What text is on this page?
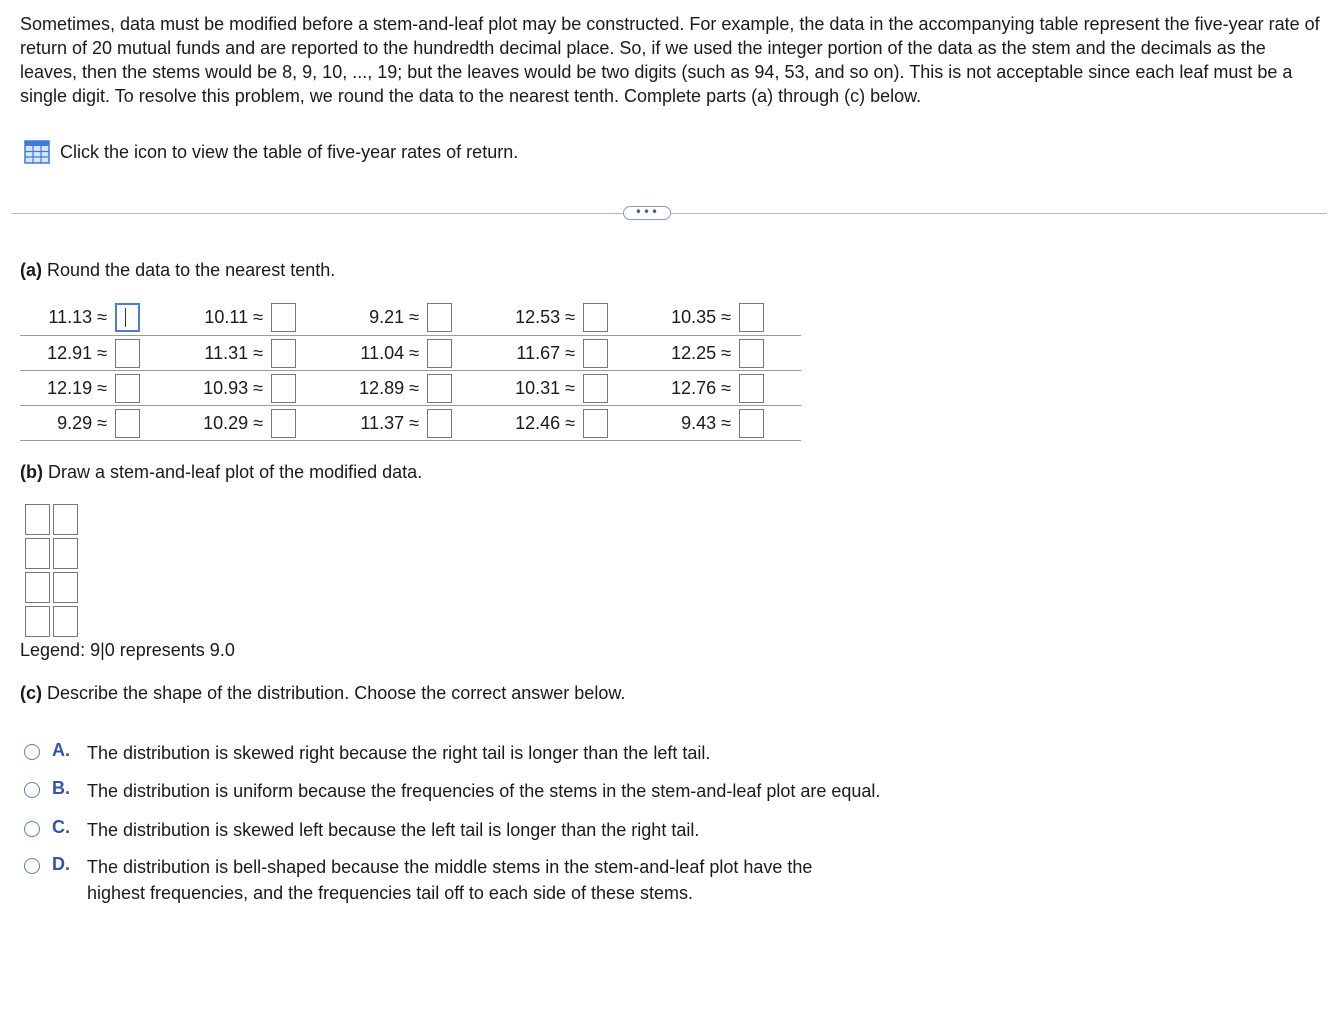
Sometimes, data must be modified before a stem-and-leaf plot may be constructed. For example, the data in the accompanying table represent the five-year rate of return of 20 mutual funds and are reported to the hundredth decimal place. So, if we used the integer portion of the data as the stem and the decimals as the leaves, then the stems would be 8, 9, 10, ..., 19; but the leaves would be two digits (such as 94, 53, and so on). This is not acceptable since each leaf must be a single digit. To resolve this problem, we round the data to the nearest tenth. Complete parts (a) through (c) below.

Click the icon to view the table of five-year rates of return.
•••

(a) Round the data to the nearest tenth.

11.13 ≈	10.11 ≈	9.21 ≈	12.53 ≈	10.35 ≈
12.91 ≈	11.31 ≈	11.04 ≈	11.67 ≈	12.25 ≈
12.19 ≈	10.93 ≈	12.89 ≈	10.31 ≈	12.76 ≈
9.29 ≈	10.29 ≈	11.37 ≈	12.46 ≈	9.43 ≈

(b) Draw a stem-and-leaf plot of the modified data.

Legend: 9|0 represents 9.0

(c) Describe the shape of the distribution. Choose the correct answer below.

A. The distribution is skewed right because the right tail is longer than the left tail.
B. The distribution is uniform because the frequencies of the stems in the stem-and-leaf plot are equal.
C. The distribution is skewed left because the left tail is longer than the right tail.
D. The distribution is bell-shaped because the middle stems in the stem-and-leaf plot have the highest frequencies, and the frequencies tail off to each side of these stems.
